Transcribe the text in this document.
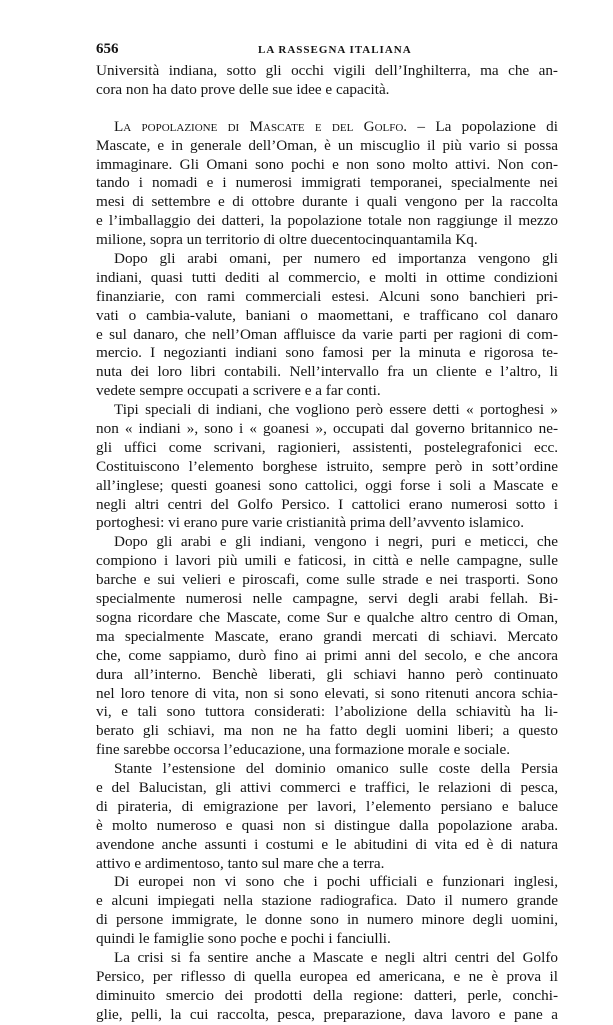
656	LA RASSEGNA ITALIANA
Università indiana, sotto gli occhi vigili dell’Inghilterra, ma che an-
cora non ha dato prove delle sue idee e capacità.
La popolazione di Mascate e del Golfo. – La popolazione di
Mascate, e in generale dell’Oman, è un miscuglio il più vario si possa
immaginare. Gli Omani sono pochi e non sono molto attivi. Non con-
tando i nomadi e i numerosi immigrati temporanei, specialmente nei
mesi di settembre e di ottobre durante i quali vengono per la raccolta
e l’imballaggio dei datteri, la popolazione totale non raggiunge il mezzo
milione, sopra un territorio di oltre duecentocinquantamila Kq.
Dopo gli arabi omani, per numero ed importanza vengono gli
indiani, quasi tutti dediti al commercio, e molti in ottime condizioni
finanziarie, con rami commerciali estesi. Alcuni sono banchieri pri-
vati o cambia-valute, baniani o maomettani, e trafficano col danaro
e sul danaro, che nell’Oman affluisce da varie parti per ragioni di com-
mercio. I negozianti indiani sono famosi per la minuta e rigorosa te-
nuta dei loro libri contabili. Nell’intervallo fra un cliente e l’altro, li
vedete sempre occupati a scrivere e a far conti.
Tipi speciali di indiani, che vogliono però essere detti « portoghesi »
non « indiani », sono i « goanesi », occupati dal governo britannico ne-
gli uffici come scrivani, ragionieri, assistenti, postelegrafonici ecc.
Costituiscono l’elemento borghese istruito, sempre però in sott’ordine
all’inglese; questi goanesi sono cattolici, oggi forse i soli a Mascate e
negli altri centri del Golfo Persico. I cattolici erano numerosi sotto i
portoghesi: vi erano pure varie cristianità prima dell’avvento islamico.
Dopo gli arabi e gli indiani, vengono i negri, puri e meticci, che
compiono i lavori più umili e faticosi, in città e nelle campagne, sulle
barche e sui velieri e piroscafi, come sulle strade e nei trasporti. Sono
specialmente numerosi nelle campagne, servi degli arabi fellah. Bi-
sogna ricordare che Mascate, come Sur e qualche altro centro di Oman,
ma specialmente Mascate, erano grandi mercati di schiavi. Mercato
che, come sappiamo, durò fino ai primi anni del secolo, e che ancora
dura all’interno. Benchè liberati, gli schiavi hanno però continuato
nel loro tenore di vita, non si sono elevati, si sono ritenuti ancora schia-
vi, e tali sono tuttora considerati: l’abolizione della schiavitù ha li-
berato gli schiavi, ma non ne ha fatto degli uomini liberi; a questo
fine sarebbe occorsa l’educazione, una formazione morale e sociale.
Stante l’estensione del dominio omanico sulle coste della Persia
e del Balucistan, gli attivi commerci e traffici, le relazioni di pesca,
di pirateria, di emigrazione per lavori, l’elemento persiano e baluce
è molto numeroso e quasi non si distingue dalla popolazione araba.
avendone anche assunti i costumi e le abitudini di vita ed è di natura
attivo e ardimentoso, tanto sul mare che a terra.
Di europei non vi sono che i pochi ufficiali e funzionari inglesi,
e alcuni impiegati nella stazione radiografica. Dato il numero grande
di persone immigrate, le donne sono in numero minore degli uomini,
quindi le famiglie sono poche e pochi i fanciulli.
La crisi si fa sentire anche a Mascate e negli altri centri del Golfo
Persico, per riflesso di quella europea ed americana, e ne è prova il
diminuito smercio dei prodotti della regione: datteri, perle, conchi-
glie, pelli, la cui raccolta, pesca, preparazione, dava lavoro e pane a
